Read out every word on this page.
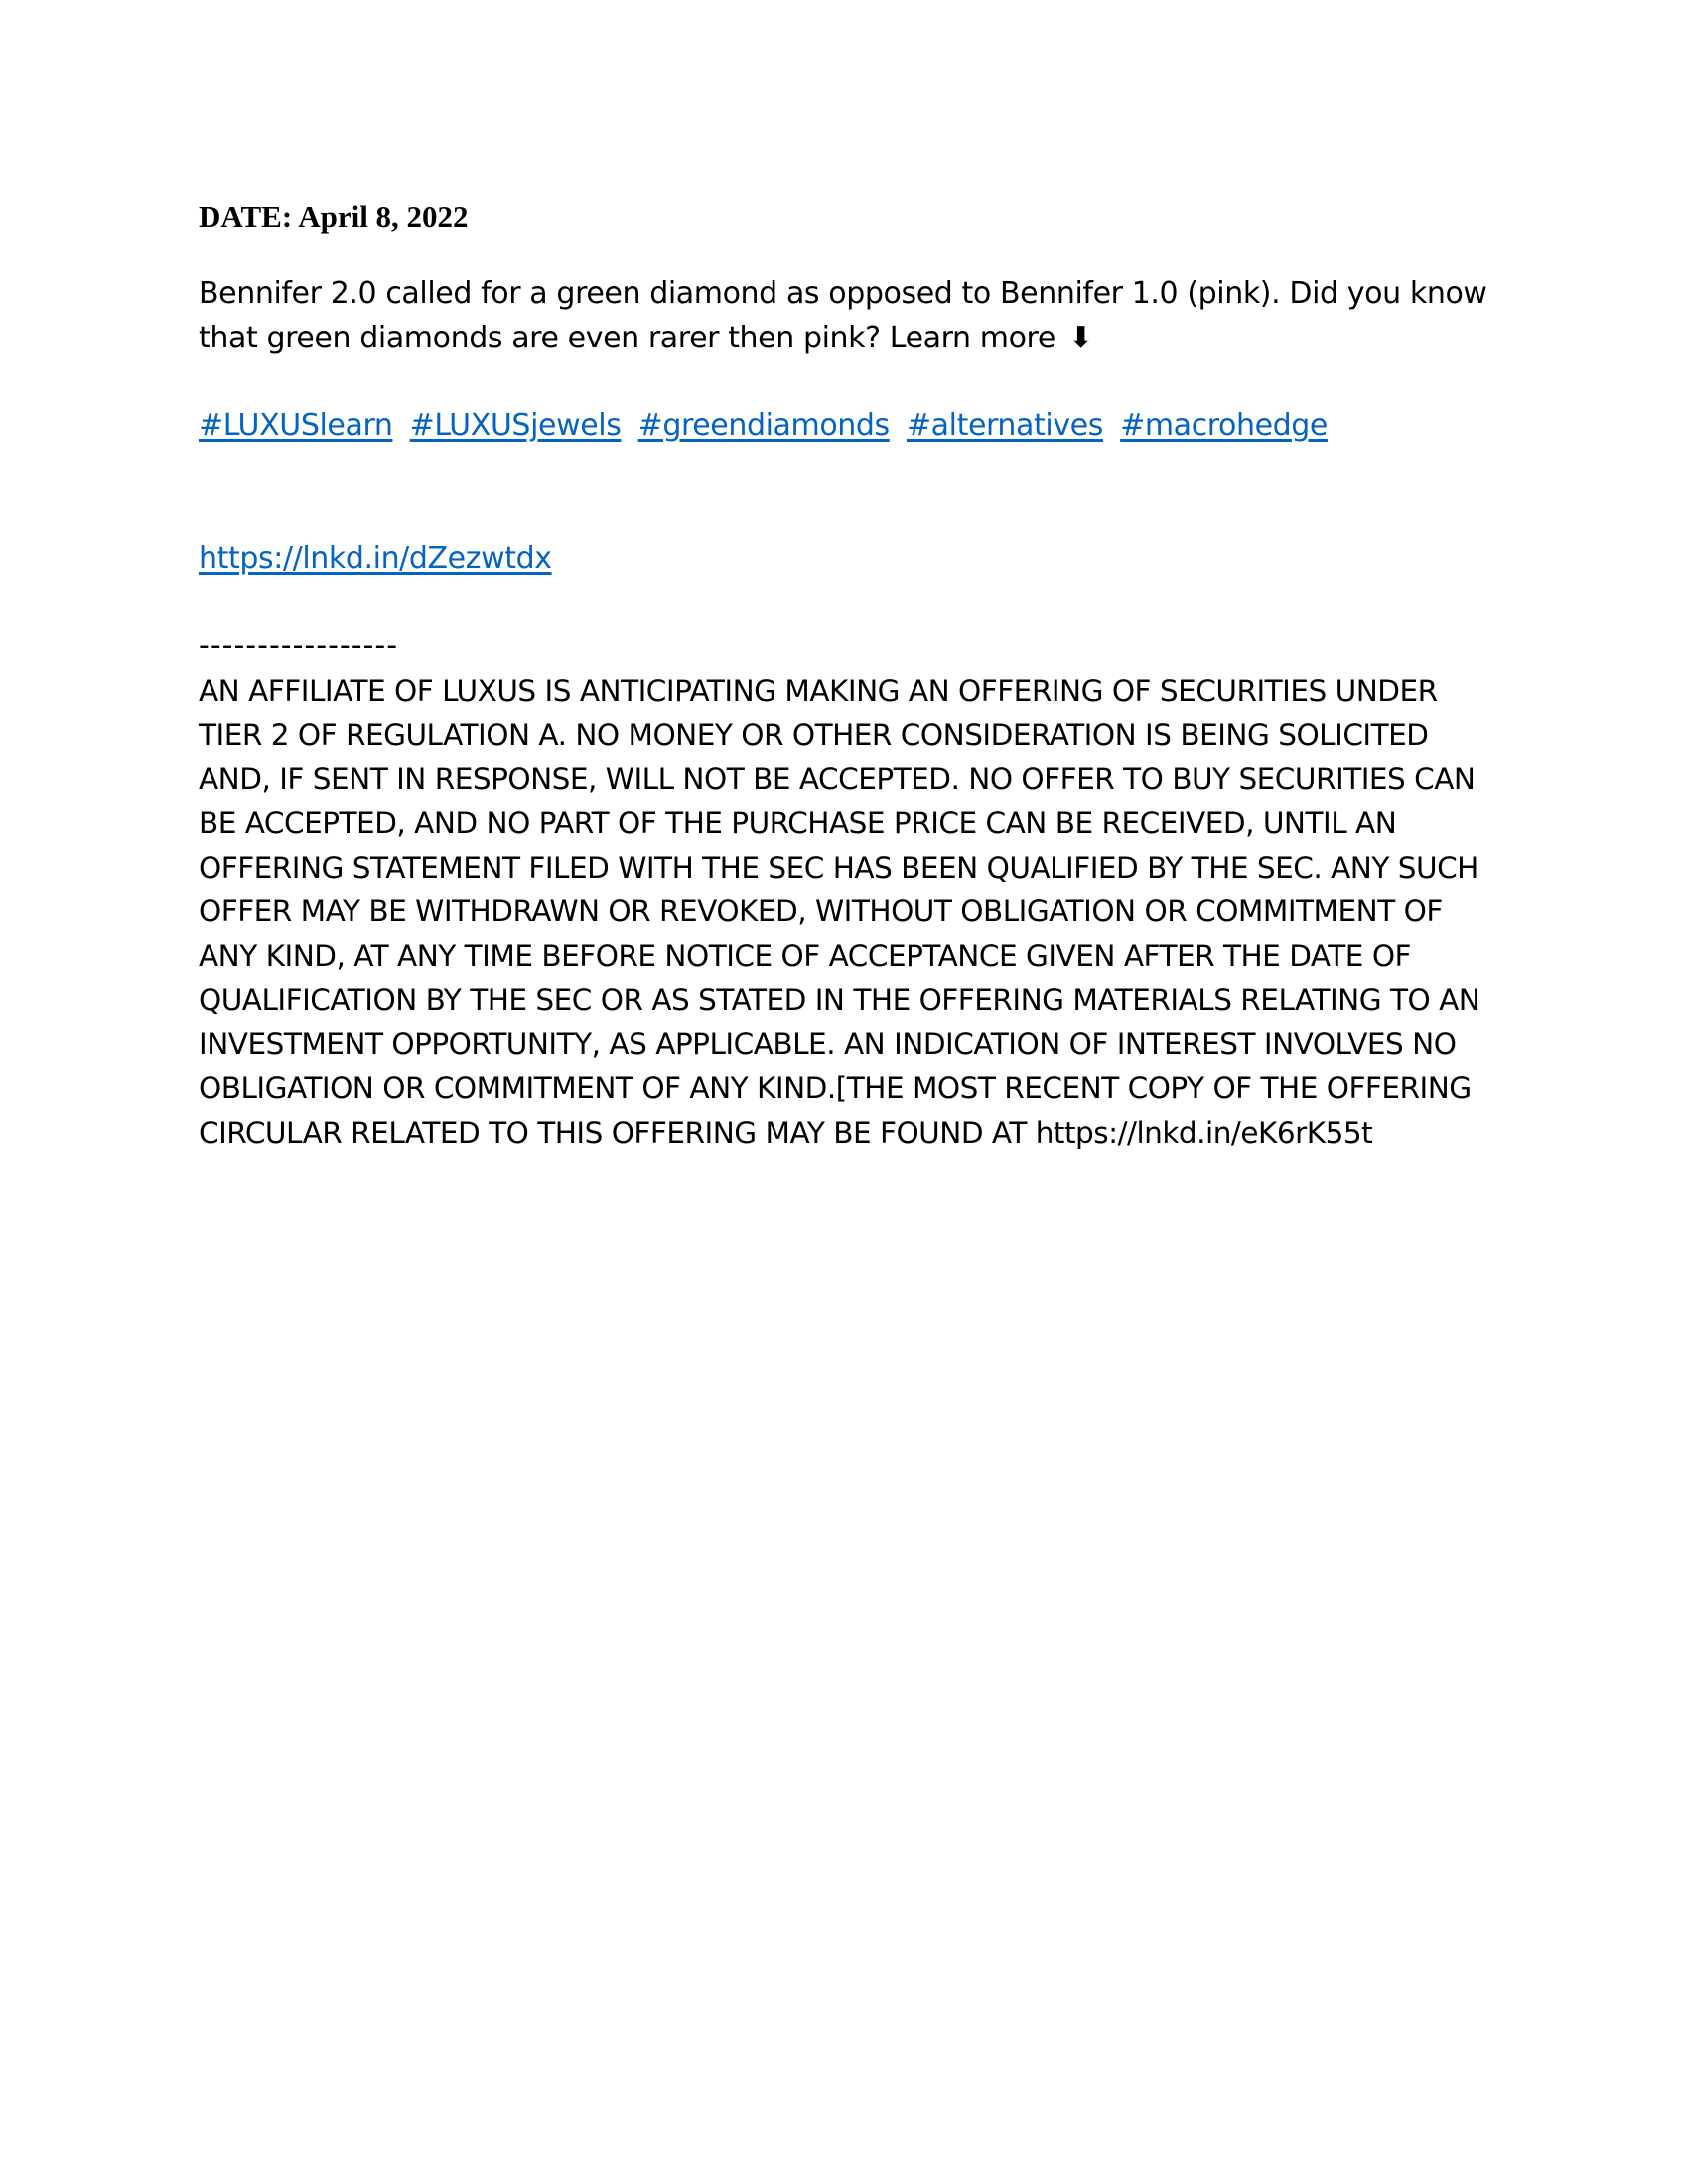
DATE: April 8, 2022

Bennifer 2.0 called for a green diamond as opposed to Bennifer 1.0 (pink). Did you know that green diamonds are even rarer then pink? Learn more ⬇

#LUXUSlearn #LUXUSjewels #greendiamonds #alternatives #macrohedge

https://lnkd.in/dZezwtdx

-----------------

AN AFFILIATE OF LUXUS IS ANTICIPATING MAKING AN OFFERING OF SECURITIES UNDER TIER 2 OF REGULATION A. NO MONEY OR OTHER CONSIDERATION IS BEING SOLICITED AND, IF SENT IN RESPONSE, WILL NOT BE ACCEPTED. NO OFFER TO BUY SECURITIES CAN BE ACCEPTED, AND NO PART OF THE PURCHASE PRICE CAN BE RECEIVED, UNTIL AN OFFERING STATEMENT FILED WITH THE SEC HAS BEEN QUALIFIED BY THE SEC. ANY SUCH OFFER MAY BE WITHDRAWN OR REVOKED, WITHOUT OBLIGATION OR COMMITMENT OF ANY KIND, AT ANY TIME BEFORE NOTICE OF ACCEPTANCE GIVEN AFTER THE DATE OF QUALIFICATION BY THE SEC OR AS STATED IN THE OFFERING MATERIALS RELATING TO AN INVESTMENT OPPORTUNITY, AS APPLICABLE. AN INDICATION OF INTEREST INVOLVES NO OBLIGATION OR COMMITMENT OF ANY KIND.[THE MOST RECENT COPY OF THE OFFERING CIRCULAR RELATED TO THIS OFFERING MAY BE FOUND AT https://lnkd.in/eK6rK55t
